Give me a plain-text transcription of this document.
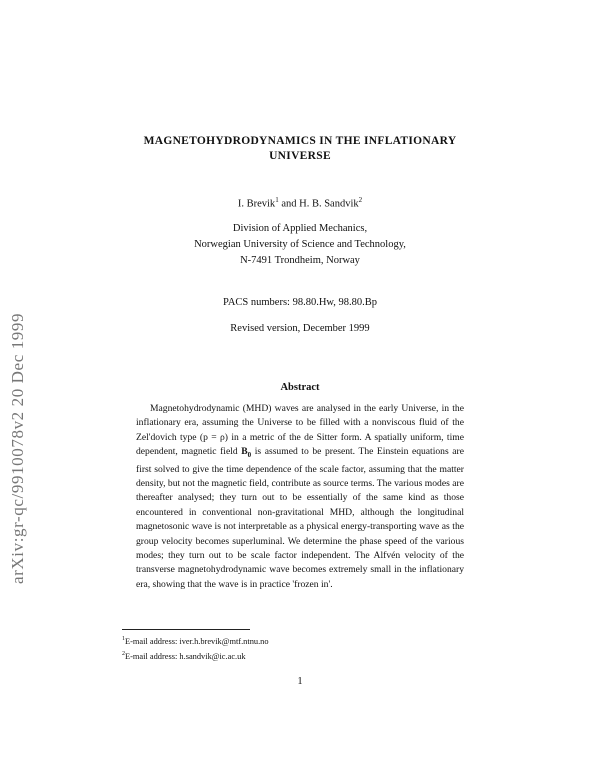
arXiv:gr-qc/9910078v2 20 Dec 1999
MAGNETOHYDRODYNAMICS IN THE INFLATIONARY
UNIVERSE
I. Brevik$^1$ and H. B. Sandvik$^2$
Division of Applied Mechanics,
Norwegian University of Science and Technology,
N-7491 Trondheim, Norway
PACS numbers: 98.80.Hw, 98.80.Bp
Revised version, December 1999
Abstract

Magnetohydrodynamic (MHD) waves are analysed in the early Universe, in the inflationary era, assuming the Universe to be filled with a nonviscous fluid of the Zel'dovich type (p = ρ) in a metric of the de Sitter form. A spatially uniform, time dependent, magnetic field $B_0$ is assumed to be present. The Einstein equations are first solved to give the time dependence of the scale factor, assuming that the matter density, but not the magnetic field, contribute as source terms. The various modes are thereafter analysed; they turn out to be essentially of the same kind as those encountered in conventional non-gravitational MHD, although the longitudinal magnetosonic wave is not interpretable as a physical energy-transporting wave as the group velocity becomes superluminal. We determine the phase speed of the various modes; they turn out to be scale factor independent. The Alfvén velocity of the transverse magnetohydrodynamic wave becomes extremely small in the inflationary era, showing that the wave is in practice 'frozen in'.

$^1$E-mail address: iver.h.brevik@mtf.ntnu.no
$^2$E-mail address: h.sandvik@ic.ac.uk
1
